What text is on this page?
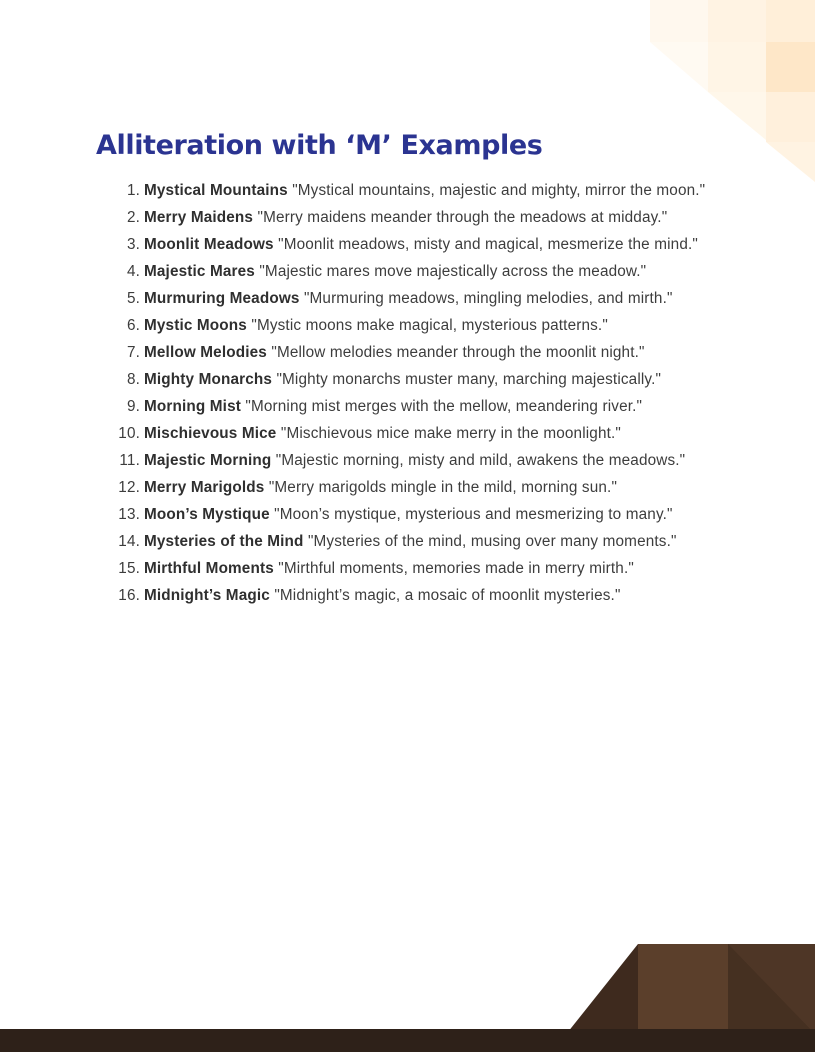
Alliteration with ‘M’ Examples
1. Mystical Mountains "Mystical mountains, majestic and mighty, mirror the moon."
2. Merry Maidens "Merry maidens meander through the meadows at midday."
3. Moonlit Meadows "Moonlit meadows, misty and magical, mesmerize the mind."
4. Majestic Mares "Majestic mares move majestically across the meadow."
5. Murmuring Meadows "Murmuring meadows, mingling melodies, and mirth."
6. Mystic Moons "Mystic moons make magical, mysterious patterns."
7. Mellow Melodies "Mellow melodies meander through the moonlit night."
8. Mighty Monarchs "Mighty monarchs muster many, marching majestically."
9. Morning Mist "Morning mist merges with the mellow, meandering river."
10. Mischievous Mice "Mischievous mice make merry in the moonlight."
11. Majestic Morning "Majestic morning, misty and mild, awakens the meadows."
12. Merry Marigolds "Merry marigolds mingle in the mild, morning sun."
13. Moon’s Mystique "Moon’s mystique, mysterious and mesmerizing to many."
14. Mysteries of the Mind "Mysteries of the mind, musing over many moments."
15. Mirthful Moments "Mirthful moments, memories made in merry mirth."
16. Midnight’s Magic "Midnight’s magic, a mosaic of moonlit mysteries."
